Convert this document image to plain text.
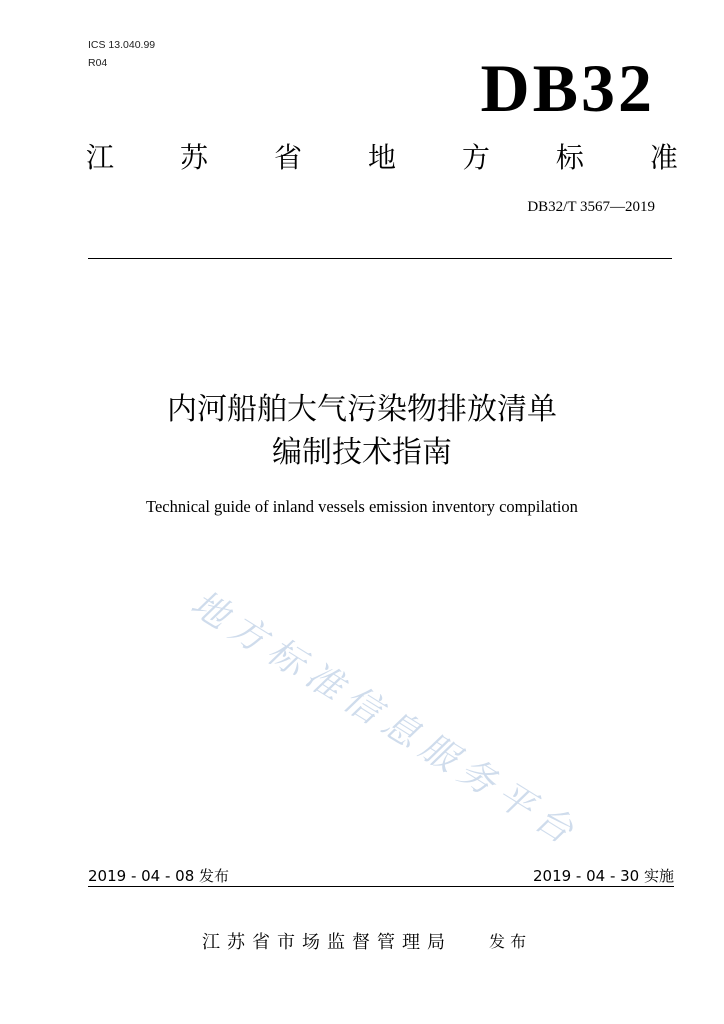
ICS 13.040.99
R04	DB32
江 苏 省 地 方 标 准
DB32/T 3567—2019
内河船舶大气污染物排放清单
编制技术指南
Technical guide of inland vessels emission inventory compilation
地方标准信息服务平台
2019 - 04 - 08 发布	2019 - 04 - 30 实施
江苏省市场监督管理局 发 布
